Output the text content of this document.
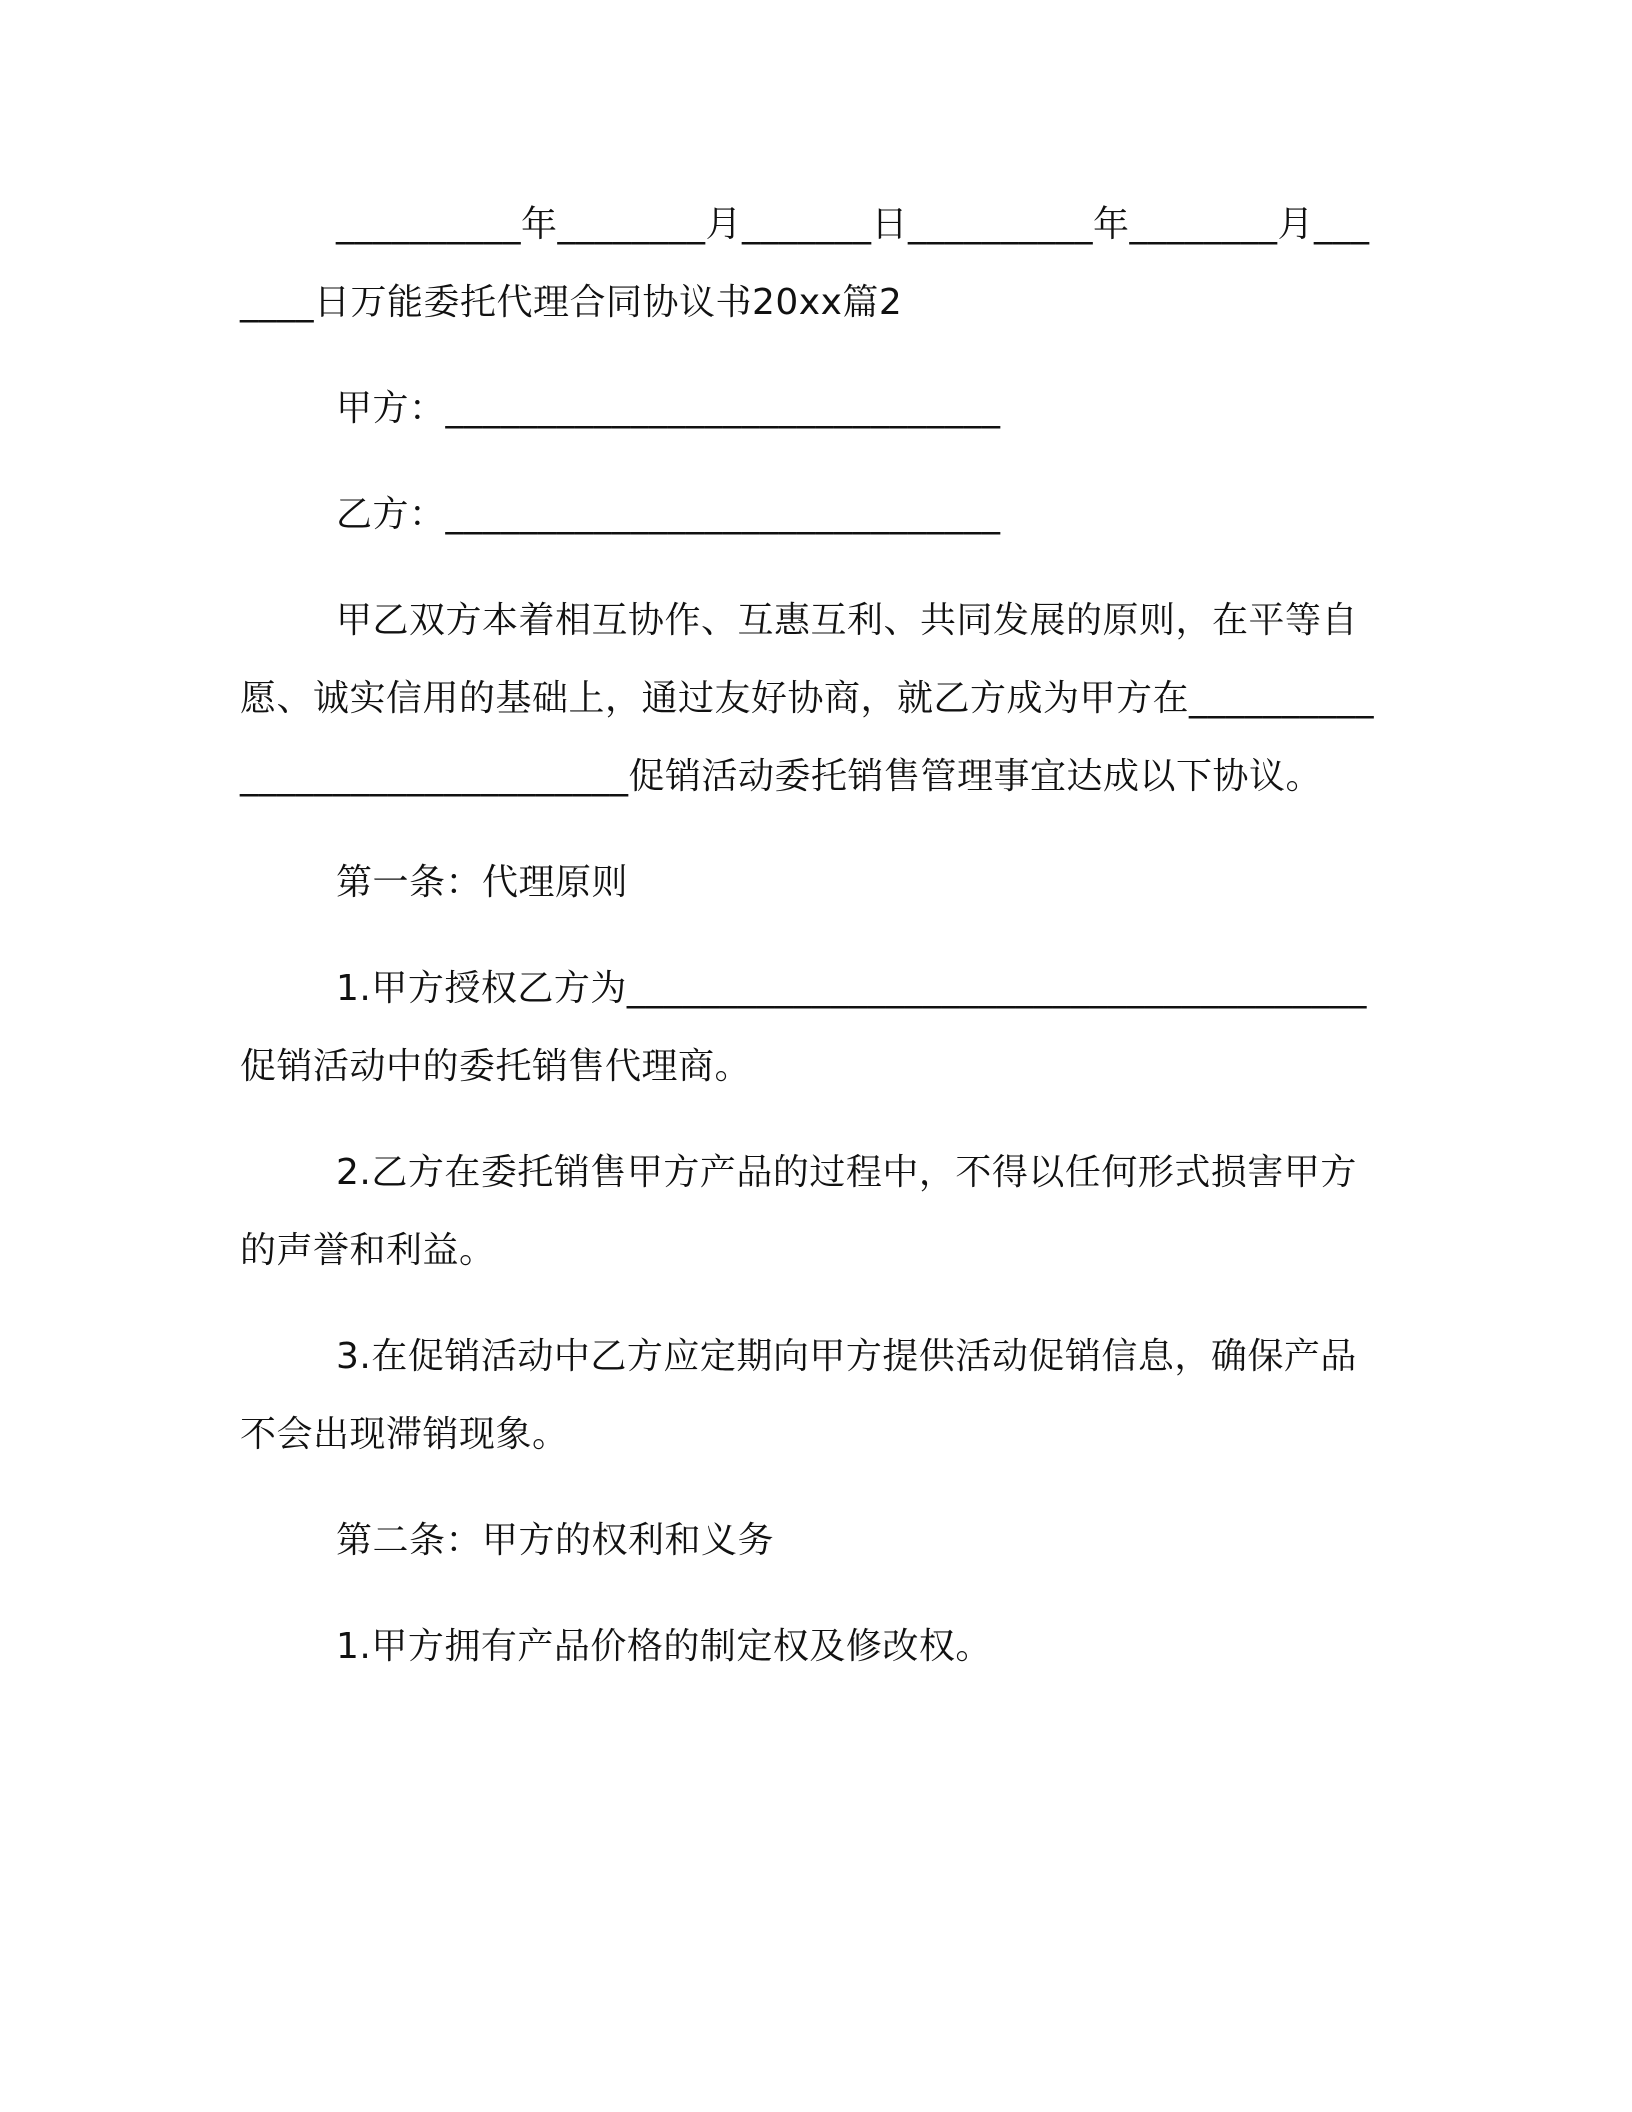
__________年________月_______日__________年________月_______日万能委托代理合同协议书20xx篇2

甲方：______________________________

乙方：______________________________

甲乙双方本着相互协作、互惠互利、共同发展的原则，在平等自愿、诚实信用的基础上，通过友好协商，就乙方成为甲方在_______________________________促销活动委托销售管理事宜达成以下协议。

第一条：代理原则

1.甲方授权乙方为________________________________________促销活动中的委托销售代理商。

2.乙方在委托销售甲方产品的过程中，不得以任何形式损害甲方的声誉和利益。

3.在促销活动中乙方应定期向甲方提供活动促销信息，确保产品不会出现滞销现象。

第二条：甲方的权利和义务

1.甲方拥有产品价格的制定权及修改权。
